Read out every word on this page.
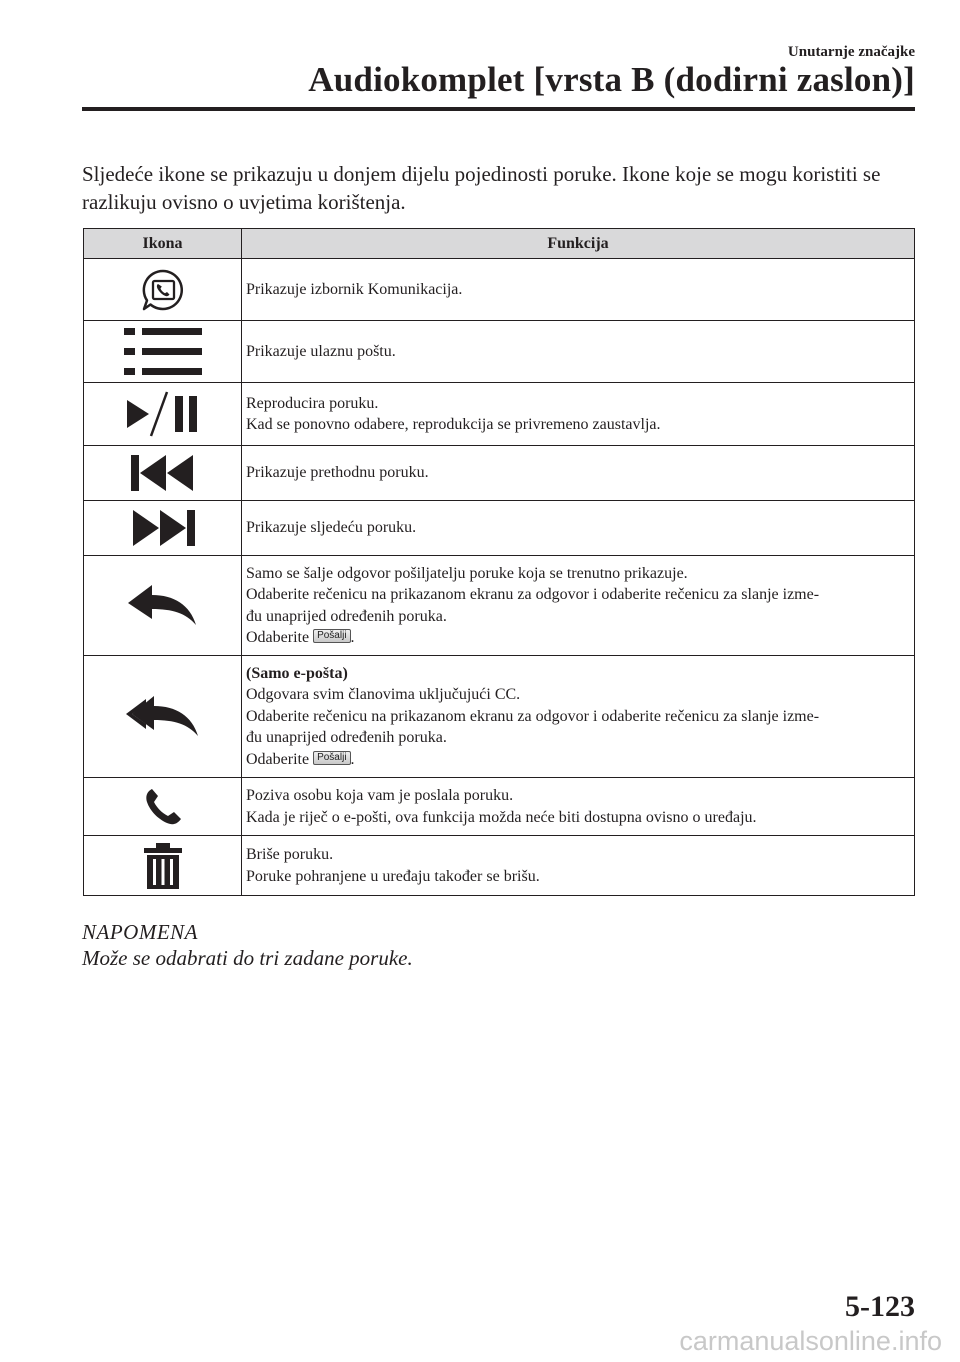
Unutarnje značajke
Audiokomplet [vrsta B (dodirni zaslon)]
Sljedeće ikone se prikazuju u donjem dijelu pojedinosti poruke. Ikone koje se mogu koristiti se razlikuju ovisno o uvjetima korištenja.
Ikona	Funkcija

Prikazuje izbornik Komunikacija.

Prikazuje ulaznu poštu.

Reproducira poruku.
Kad se ponovno odabere, reprodukcija se privremeno zaustavlja.

Prikazuje prethodnu poruku.

Prikazuje sljedeću poruku.

Samo se šalje odgovor pošiljatelju poruke koja se trenutno prikazuje.
Odaberite rečenicu na prikazanom ekranu za odgovor i odaberite rečenicu za slanje izme-
đu unaprijed određenih poruka.
Odaberite Pošalji .

(Samo e-pošta)
Odgovara svim članovima uključujući CC.
Odaberite rečenicu na prikazanom ekranu za odgovor i odaberite rečenicu za slanje izme-
đu unaprijed određenih poruka.
Odaberite Pošalji .

Poziva osobu koja vam je poslala poruku.
Kada je riječ o e-pošti, ova funkcija možda neće biti dostupna ovisno o uređaju.

Briše poruku.
Poruke pohranjene u uređaju također se brišu.
NAPOMENA
Može se odabrati do tri zadane poruke.
5-123
carmanualsonline.info
